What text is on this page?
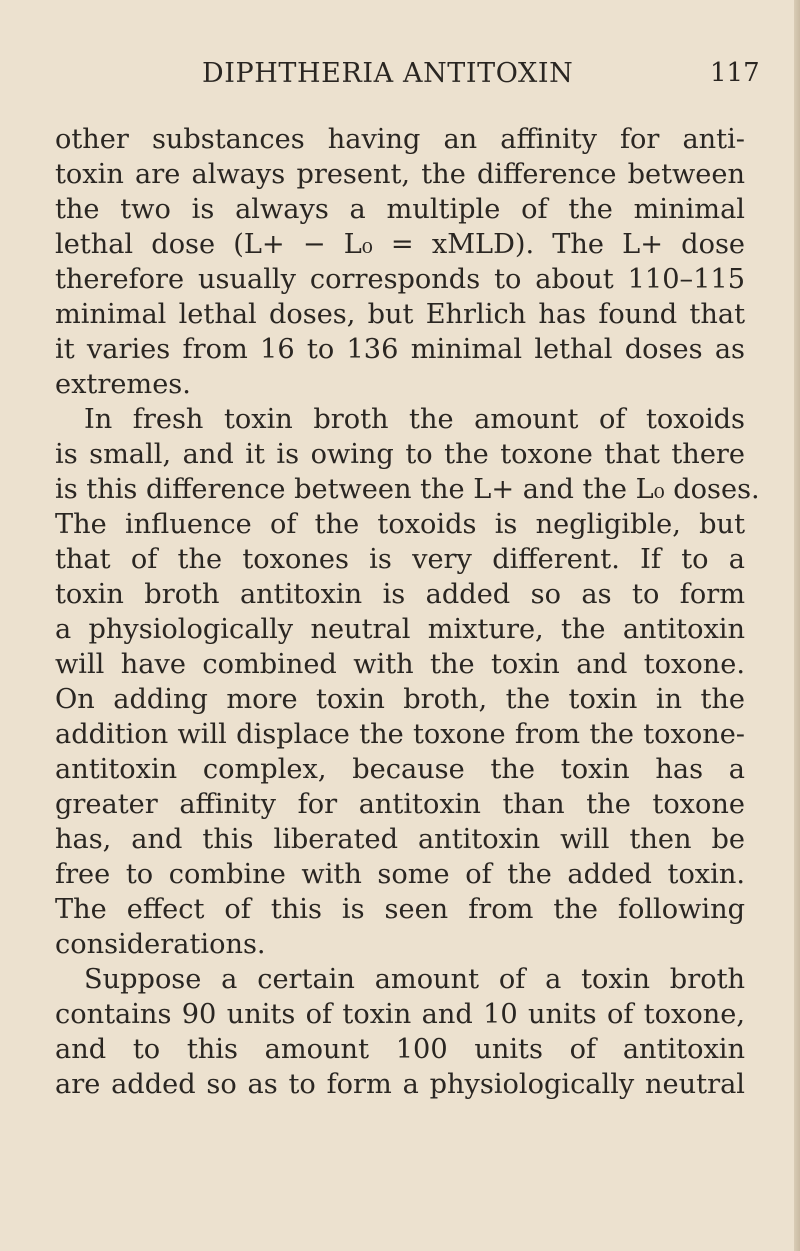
DIPHTHERIA ANTITOXIN	117
other substances having an affinity for anti-
toxin are always present, the difference between
the two is always a multiple of the minimal
lethal dose (L+ − L₀ = xMLD). The L+ dose
therefore usually corresponds to about 110–115
minimal lethal doses, but Ehrlich has found that
it varies from 16 to 136 minimal lethal doses as
extremes.
In fresh toxin broth the amount of toxoids
is small, and it is owing to the toxone that there
is this difference between the L+ and the L₀ doses.
The influence of the toxoids is negligible, but
that of the toxones is very different. If to a
toxin broth antitoxin is added so as to form
a physiologically neutral mixture, the antitoxin
will have combined with the toxin and toxone.
On adding more toxin broth, the toxin in the
addition will displace the toxone from the toxone-
antitoxin complex, because the toxin has a
greater affinity for antitoxin than the toxone
has, and this liberated antitoxin will then be
free to combine with some of the added toxin.
The effect of this is seen from the following
considerations.
Suppose a certain amount of a toxin broth
contains 90 units of toxin and 10 units of toxone,
and to this amount 100 units of antitoxin
are added so as to form a physiologically neutral
